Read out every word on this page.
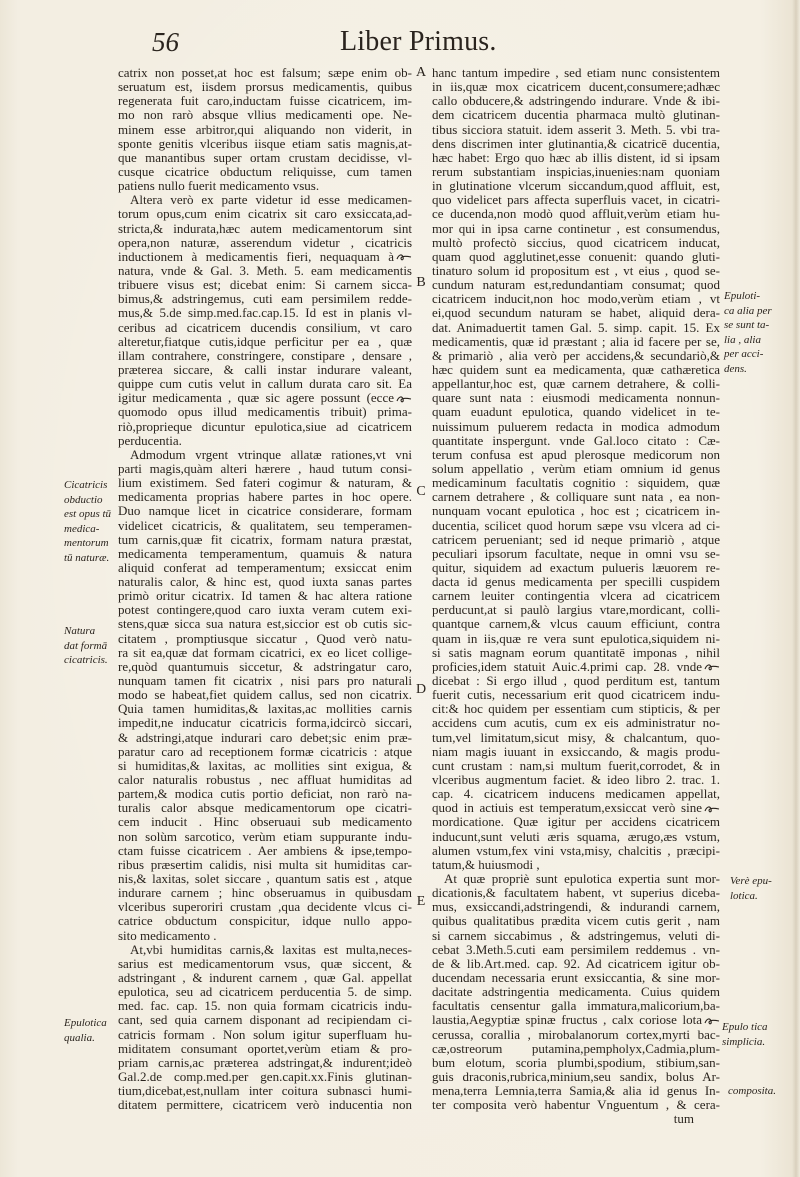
56	Liber Primus.
catrix non posset,at hoc est falsum; sæpe enim ob-
seruatum est, iisdem prorsus medicamentis, quibus
regenerata fuit caro,inductam fuisse cicatricem, im-
mo non rarò absque vllius medicamenti ope. Ne-
minem esse arbitror,qui aliquando non viderit, in
sponte genitis vlceribus iisque etiam satis magnis,at-
que manantibus super ortam crustam decidisse, vl-
cusque cicatrice obductum reliquisse, cum tamen
patiens nullo fuerit medicamento vsus.
Altera verò ex parte videtur id esse medicamen-
torum opus,cum enim cicatrix sit caro exsiccata,ad-
stricta,& indurata,hæc autem medicamentorum sint
opera,non naturæ, asserendum videtur , cicatricis
inductionem à medicamentis fieri, nequaquam à
natura, vnde & Gal. 3. Meth. 5. eam medicamentis
tribuere visus est; dicebat enim: Si carnem sicca-
bimus,& adstringemus, cuti eam persimilem redde-
mus,& 5.de simp.med.fac.cap.15. Id est in planis vl-
ceribus ad cicatricem ducendis consilium, vt caro
alteretur,fiatque cutis,idque perficitur per ea , quæ
illam contrahere, constringere, constipare , densare ,
præterea siccare, & calli instar indurare valeant,
quippe cum cutis velut in callum durata caro sit. Ea
igitur medicamenta , quæ sic agere possunt (ecce
quomodo opus illud medicamentis tribuit) prima-
riò,proprieque dicuntur epulotica,siue ad cicatricem
perducentia.
Admodum vrgent vtrinque allatæ rationes,vt vni
parti magis,quàm alteri hærere , haud tutum consi-
lium existimem. Sed fateri cogimur & naturam, &
medicamenta proprias habere partes in hoc opere.
Duo namque licet in cicatrice considerare, formam
videlicet cicatricis, & qualitatem, seu temperamen-
tum carnis,quæ fit cicatrix, formam natura præstat,
medicamenta temperamentum, quamuis & natura
aliquid conferat ad temperamentum; exsiccat enim
naturalis calor, & hinc est, quod iuxta sanas partes
primò oritur cicatrix. Id tamen & hac altera ratione
potest contingere,quod caro iuxta veram cutem exi-
stens,quæ sicca sua natura est,siccior est ob cutis sic-
citatem , promptiusque siccatur , Quod verò natu-
ra sit ea,quæ dat formam cicatrici, ex eo licet collige-
re,quòd quantumuis siccetur, & adstringatur caro,
nunquam tamen fit cicatrix , nisi pars pro naturali
modo se habeat,fiet quidem callus, sed non cicatrix.
Quia tamen humiditas,& laxitas,ac mollities carnis
impedit,ne inducatur cicatricis forma,idcircò siccari,
& adstringi,atque indurari caro debet;sic enim præ-
paratur caro ad receptionem formæ cicatricis : atque
si humiditas,& laxitas, ac mollities sint exigua, &
calor naturalis robustus , nec affluat humiditas ad
partem,& modica cutis portio deficiat, non rarò na-
turalis calor absque medicamentorum ope cicatri-
cem inducit . Hinc obseruaui sub medicamento
non solùm sarcotico, verùm etiam suppurante indu-
ctam fuisse cicatricem . Aer ambiens & ipse,tempo-
ribus præsertim calidis, nisi multa sit humiditas car-
nis,& laxitas, solet siccare , quantum satis est , atque
indurare carnem ; hinc obseruamus in quibusdam
vlceribus superoriri crustam ,qua decidente vlcus ci-
catrice obductum conspicitur, idque nullo appo-
sito medicamento .
At,vbi humiditas carnis,& laxitas est multa,neces-
sarius est medicamentorum vsus, quæ siccent, &
adstringant , & indurent carnem , quæ Gal. appellat
epulotica, seu ad cicatricem perducentia 5. de simp.
med. fac. cap. 15. non quia formam cicatricis indu-
cant, sed quia carnem disponant ad recipiendam ci-
catricis formam . Non solum igitur superfluam hu-
miditatem consumant oportet,verùm etiam & pro-
priam carnis,ac præterea adstringat,& indurent;ideò
Gal.2.de comp.med.per gen.capit.xx.Finis glutinan-
tium,dicebat,est,nullam inter coitura subnasci humi-
ditatem permittere, cicatricem verò inducentia non
hanc tantum impedire , sed etiam nunc consistentem
in iis,quæ mox cicatricem ducent,consumere;adhæc
callo obducere,& adstringendo indurare. Vnde & ibi-
dem cicatricem ducentia pharmaca multò glutinan-
tibus sicciora statuit. idem asserit 3. Meth. 5. vbi tra-
dens discrimen inter glutinantia,& cicatricē ducentia,
hæc habet: Ergo quo hæc ab illis distent, id si ipsam
rerum substantiam inspicias,inuenies:nam quoniam
in glutinatione vlcerum siccandum,quod affluit, est,
quo videlicet pars affecta superfluis vacet, in cicatri-
ce ducenda,non modò quod affluit,verùm etiam hu-
mor qui in ipsa carne continetur , est consumendus,
multò profectò siccius, quod cicatricem inducat,
quam quod agglutinet,esse conuenit: quando gluti-
tinaturo solum id propositum est , vt eius , quod se-
cundum naturam est,redundantiam consumat; quod
cicatricem inducit,non hoc modo,verùm etiam , vt
ei,quod secundum naturam se habet, aliquid dera-
dat. Animaduertit tamen Gal. 5. simp. capit. 15. Ex
medicamentis, quæ id præstant ; alia id facere per se,
& primariò , alia verò per accidens,& secundariò,&
hæc quidem sunt ea medicamenta, quæ cathæretica
appellantur,hoc est, quæ carnem detrahere, & colli-
quare sunt nata : eiusmodi medicamenta nonnun-
quam euadunt epulotica, quando videlicet in te-
nuissimum puluerem redacta in modica admodum
quantitate inspergunt. vnde Gal.loco citato : Cæ-
terum confusa est apud plerosque medicorum non
solum appellatio , verùm etiam omnium id genus
medicaminum facultatis cognitio : siquidem, quæ
carnem detrahere , & colliquare sunt nata , ea non-
nunquam vocant epulotica , hoc est ; cicatricem in-
ducentia, scilicet quod horum sæpe vsu vlcera ad ci-
catricem perueniant; sed id neque primariò , atque
peculiari ipsorum facultate, neque in omni vsu se-
quitur, siquidem ad exactum pulueris læuorem re-
dacta id genus medicamenta per specilli cuspidem
carnem leuiter contingentia vlcera ad cicatricem
perducunt,at si paulò largius vtare,mordicant, colli-
quantque carnem,& vlcus cauum efficiunt, contra
quam in iis,quæ re vera sunt epulotica,siquidem ni-
si satis magnam eorum quantitatē imponas , nihil
proficies,idem statuit Auic.4.primi cap. 28. vnde
dicebat : Si ergo illud , quod perditum est, tantum
fuerit cutis, necessarium erit quod cicatricem indu-
cit:& hoc quidem per essentiam cum stipticis, & per
accidens cum acutis, cum ex eis administratur no-
tum,vel limitatum,sicut misy, & chalcantum, quo-
niam magis iuuant in exsiccando, & magis produ-
cunt crustam : nam,si multum fuerit,corrodet, & in
vlceribus augmentum faciet. & ideo libro 2. trac. 1.
cap. 4. cicatricem inducens medicamen appellat,
quod in actiuis est temperatum,exsiccat verò sine
mordicatione. Quæ igitur per accidens cicatricem
inducunt,sunt veluti æris squama, ærugo,æs vstum,
alumen vstum,fex vini vsta,misy, chalcitis , præcipi-
tatum,& huiusmodi ,
At quæ propriè sunt epulotica expertia sunt mor-
dicationis,& facultatem habent, vt superius diceba-
mus, exsiccandi,adstringendi, & indurandi carnem,
quibus qualitatibus prædita vicem cutis gerit , nam
si carnem siccabimus , & adstringemus, veluti di-
cebat 3.Meth.5.cuti eam persimilem reddemus . vn-
de & lib.Art.med. cap. 92. Ad cicatricem igitur ob-
ducendam necessaria erunt exsiccantia, & sine mor-
dacitate adstringentia medicamenta. Cuius quidem
facultatis censentur galla immatura,malicorium,ba-
laustia,Aegyptiæ spinæ fructus , calx coriose lota
cerussa, corallia , mirobalanorum cortex,myrti bac-
cæ,ostreorum putamina,pempholyx,Cadmia,plum-
bum elotum, scoria plumbi,spodium, stibium,san-
guis draconis,rubrica,minium,seu sandix, bolus Ar-
mena,terra Lemnia,terra Samia,& alia id genus In-
ter composita verò habentur Vnguentum , & cera-
tum
A
B
C
D
E
Cicatricis
obductio
est opus tū
medica-
mentorum
tū naturæ.
Natura
dat formā
cicatricis.
Epulotica
qualia.
Epuloti-
ca alia per
se sunt ta-
lia , alia
per acci-
dens.
Verè epu-
lotica.
Epulo tica
simplicia.
composita.
